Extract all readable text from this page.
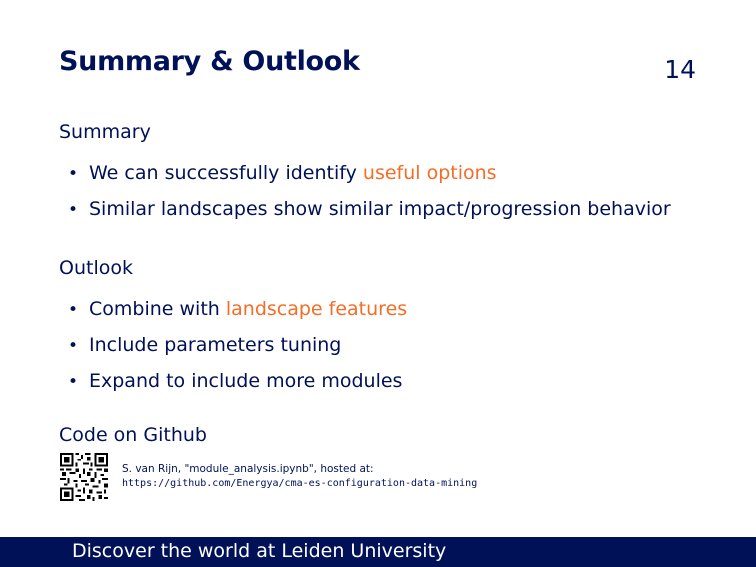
Summary & Outlook	14
Summary
• We can successfully identify useful options
• Similar landscapes show similar impact/progression behavior
Outlook
• Combine with landscape features
• Include parameters tuning
• Expand to include more modules
Code on Github
S. van Rijn, "module_analysis.ipynb", hosted at:
https://github.com/Energya/cma-es-configuration-data-mining
Discover the world at Leiden University
